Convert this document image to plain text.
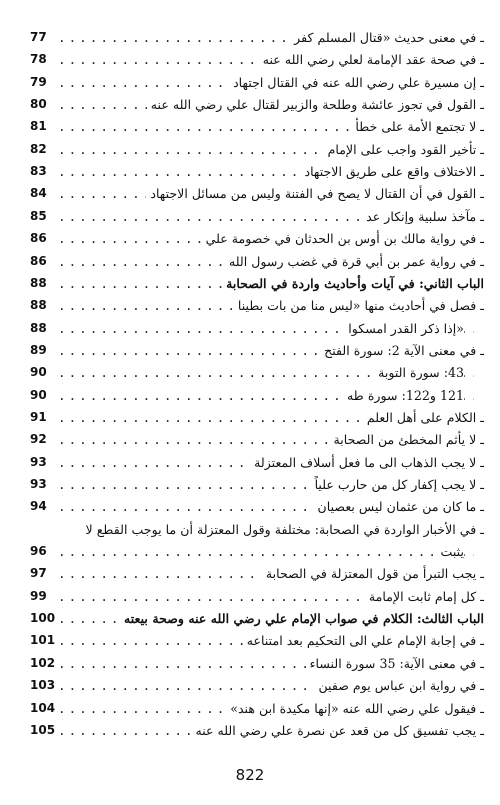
77 .....	ـ في معنى حديث «قتال المسلم كفر
78 .....	ـ في صحة عقد الإمامة لعلي رضي الله عنه
79 .....	ـ إن مسيرة علي رضي الله عنه في القتال اجتهاد
80 .....	ـ القول في تجوز عائشة وطلحة والزبير لقتال علي رضي الله عنه
81 .....	ـ لا تجتمع الأمة على خطأ
82 .....	ـ تأخير القود واجب على الإمام
83 .....	ـ الاختلاف واقع على طريق الاجتهاد
84 .....	ـ القول في أن القتال لا يصح في الفتنة وليس من مسائل الاجتهاد
85 .....	ـ مآخذ سلبية وإنكار عد
86 .....	ـ في رواية مالك بن أوس بن الحدثان في خصومة علي
86 .....	ـ في رواية عمر بن أبي قرة في غضب رسول الله
88 .....	الباب الثاني: في آيات وأحاديث واردة في الصحابة
88 .....	ـ فصل في أحاديث منها «ليس منا من بات بطينا
88 .....	«إذا ذكر القدر امسكوا
89 .....	ـ في معنى الآية 2: سورة الفتح
90 .....	43: سورة التوبة
90 .....	121 و122: سورة طه
91 .....	ـ الكلام على أهل العلم
92 .....	ـ لا يأثم المخطئ من الصحابة
93 .....	ـ لا يجب الذهاب الى ما فعل أسلاف المعتزلة
93 .....	ـ لا يجب إكفار كل من حارب علياً
94 .....	ـ ما كان من عثمان ليس بعصيان
ـ في الأخبار الواردة في الصحابة: مختلفة وقول المعتزلة أن ما يوجب القطع لا
96 .....	يثبت
97 .....	ـ يجب التبرأ من قول المعتزلة في الصحابة
99 .....	ـ كل إمام ثابت الإمامة
100 .....	الباب الثالث: الكلام في صواب الإمام علي رضي الله عنه وصحة بيعته
101 .....	ـ في إجابة الإمام علي الى التحكيم بعد امتناعه
102 .....	ـ في معنى الآية: 35 سورة النساء
103 .....	ـ في رواية ابن عباس يوم صفين
104 .....	ـ فيقول علي رضي الله عنه «إنها مكيدة ابن هند»
105 .....	ـ يجب تفسيق كل من قعد عن نصرة علي رضي الله عنه
822
